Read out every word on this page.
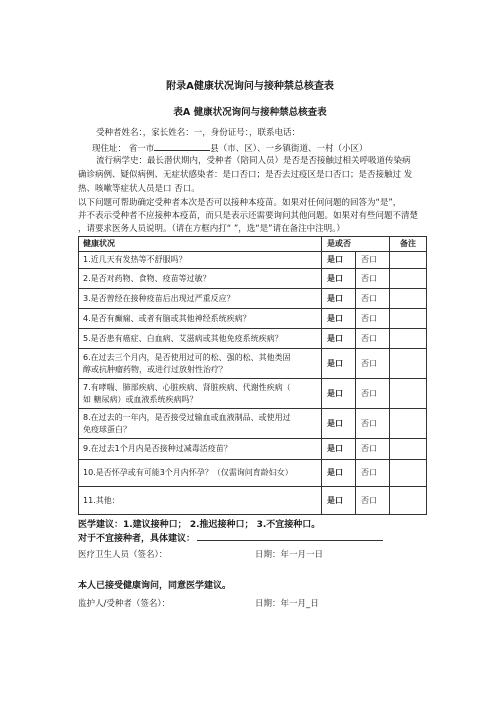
附录A健康状况询问与接种禁总核查表
表A 健康状况询问与接种禁总核查表
受种者姓名：，家长姓名：一，身份证号：，联系电话：
现住址： 省一市	县（市、区）、一乡镇街道、一村（小区）
流行病学史：最长潜伏期内，受种者（陪同人员）是否是否接触过相关呼吸道传染病
确诊病例、疑似病例、无症状感染者：是口否口；是否去过疫区是口否口；是否接触过 发
热、咳嗽等症状人员是口 否口。
以下问题可帮助确定受种者本次是否可以接种本疫苗。如果对任何问题的回答为“是”，
并不表示受种者不应接种本疫苗，而只是表示还需要询问其他问题。如果对有些问题不清楚
，请要求医务人员说明。（请在方框内打“ ”，选“是”请在备注中注明。）
健康状况	是或否		备注
1.近几天有发热等不舒服吗？	是口	否口	
2.是否对药物、食物、疫苗等过敏？	是口	否口	
3.是否曾经在接种疫苗后出现过严重反应？	是口	否口	
4.是否有癫痫、或者有脑或其他神经系统疾病？	是口	否口	
5.是否患有癌症、白血病、艾滋病或其他免疫系统疾病？	是口	否口	
6.在过去三个月内，是否使用过可的松、强的松、其他类固
醇或抗肿瘤药物，或进行过放射性治疗？	是口	否口	
7.有哮喘、肺部疾病、心脏疾病、肾脏疾病、代谢性疾病（
如 糖尿病）或血液系统疾病吗？	是口	否口	
8.在过去的一年内，是否接受过输血或血液制品、或使用过
免疫球蛋白？	是口	否口	
9.在过去1个月内是否接种过减毒活疫苗？	是口	否口	
10.是否怀孕或有可能3个月内怀孕？（仅需询问育龄妇女）	是口	否口	
11.其他：	是口	否口	
医学建议：1.建议接种口； 2.推迟接种口； 3.不宜接种口。
对于不宜接种者，具体建议：
医疗卫生人员（签名）：	日期：年一月一日
本人已接受健康询问，同意医学建议。
监护人/受种者（签名）：	日期：年一月_日
